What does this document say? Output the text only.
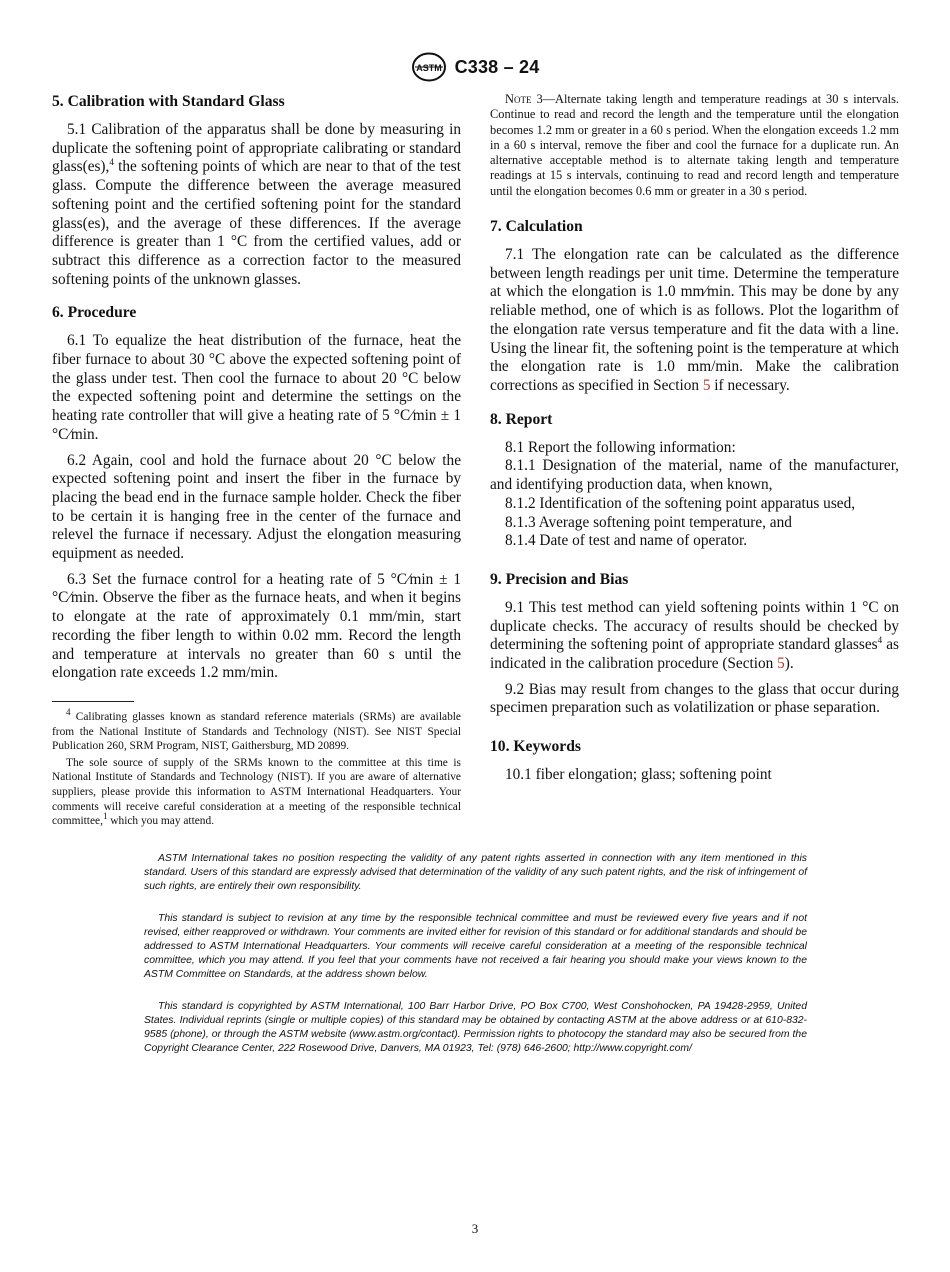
ASTM C338 – 24
5. Calibration with Standard Glass

5.1 Calibration of the apparatus shall be done by measuring in duplicate the softening point of appropriate calibrating or standard glass(es),$^4$ the softening points of which are near to that of the test glass. Compute the difference between the average measured softening point and the certified softening point for the standard glass(es), and the average of these differences. If the average difference is greater than 1 °C from the certified values, add or subtract this difference as a correction factor to the measured softening points of the unknown glasses.

6. Procedure

6.1 To equalize the heat distribution of the furnace, heat the fiber furnace to about 30 °C above the expected softening point of the glass under test. Then cool the furnace to about 20 °C below the expected softening point and determine the settings on the heating rate controller that will give a heating rate of 5 °C⁄min ± 1 °C⁄min.

6.2 Again, cool and hold the furnace about 20 °C below the expected softening point and insert the fiber in the furnace by placing the bead end in the furnace sample holder. Check the fiber to be certain it is hanging free in the center of the furnace and relevel the furnace if necessary. Adjust the elongation measuring equipment as needed.

6.3 Set the furnace control for a heating rate of 5 °C⁄min ± 1 °C⁄min. Observe the fiber as the furnace heats, and when it begins to elongate at the rate of approximately 0.1 mm/min, start recording the fiber length to within 0.02 mm. Record the length and temperature at intervals no greater than 60 s until the elongation rate exceeds 1.2 mm/min.

$^4$ Calibrating glasses known as standard reference materials (SRMs) are available from the National Institute of Standards and Technology (NIST). See NIST Special Publication 260, SRM Program, NIST, Gaithersburg, MD 20899.

The sole source of supply of the SRMs known to the committee at this time is National Institute of Standards and Technology (NIST). If you are aware of alternative suppliers, please provide this information to ASTM International Headquarters. Your comments will receive careful consideration at a meeting of the responsible technical committee,$^1$ which you may attend.

Note 3—Alternate taking length and temperature readings at 30 s intervals. Continue to read and record the length and the temperature until the elongation becomes 1.2 mm or greater in a 60 s period. When the elongation exceeds 1.2 mm in a 60 s interval, remove the fiber and cool the furnace for a duplicate run. An alternative acceptable method is to alternate taking length and temperature readings at 15 s intervals, continuing to read and record length and temperature until the elongation becomes 0.6 mm or greater in a 30 s period.

7. Calculation

7.1 The elongation rate can be calculated as the difference between length readings per unit time. Determine the temperature at which the elongation is 1.0 mm⁄min. This may be done by any reliable method, one of which is as follows. Plot the logarithm of the elongation rate versus temperature and fit the data with a line. Using the linear fit, the softening point is the temperature at which the elongation rate is 1.0 mm/min. Make the calibration corrections as specified in Section 5 if necessary.

8. Report

8.1 Report the following information:

8.1.1 Designation of the material, name of the manufacturer, and identifying production data, when known,

8.1.2 Identification of the softening point apparatus used,

8.1.3 Average softening point temperature, and

8.1.4 Date of test and name of operator.

9. Precision and Bias

9.1 This test method can yield softening points within 1 °C on duplicate checks. The accuracy of results should be checked by determining the softening point of appropriate standard glasses$^4$ as indicated in the calibration procedure (Section 5).

9.2 Bias may result from changes to the glass that occur during specimen preparation such as volatilization or phase separation.

10. Keywords

10.1 fiber elongation; glass; softening point

ASTM International takes no position respecting the validity of any patent rights asserted in connection with any item mentioned in this standard. Users of this standard are expressly advised that determination of the validity of any such patent rights, and the risk of infringement of such rights, are entirely their own responsibility.

This standard is subject to revision at any time by the responsible technical committee and must be reviewed every five years and if not revised, either reapproved or withdrawn. Your comments are invited either for revision of this standard or for additional standards and should be addressed to ASTM International Headquarters. Your comments will receive careful consideration at a meeting of the responsible technical committee, which you may attend. If you feel that your comments have not received a fair hearing you should make your views known to the ASTM Committee on Standards, at the address shown below.

This standard is copyrighted by ASTM International, 100 Barr Harbor Drive, PO Box C700, West Conshohocken, PA 19428-2959, United States. Individual reprints (single or multiple copies) of this standard may be obtained by contacting ASTM at the above address or at 610-832-9585 (phone), or through the ASTM website (www.astm.org/contact). Permission rights to photocopy the standard may also be secured from the Copyright Clearance Center, 222 Rosewood Drive, Danvers, MA 01923, Tel: (978) 646-2600; http://www.copyright.com/

3
